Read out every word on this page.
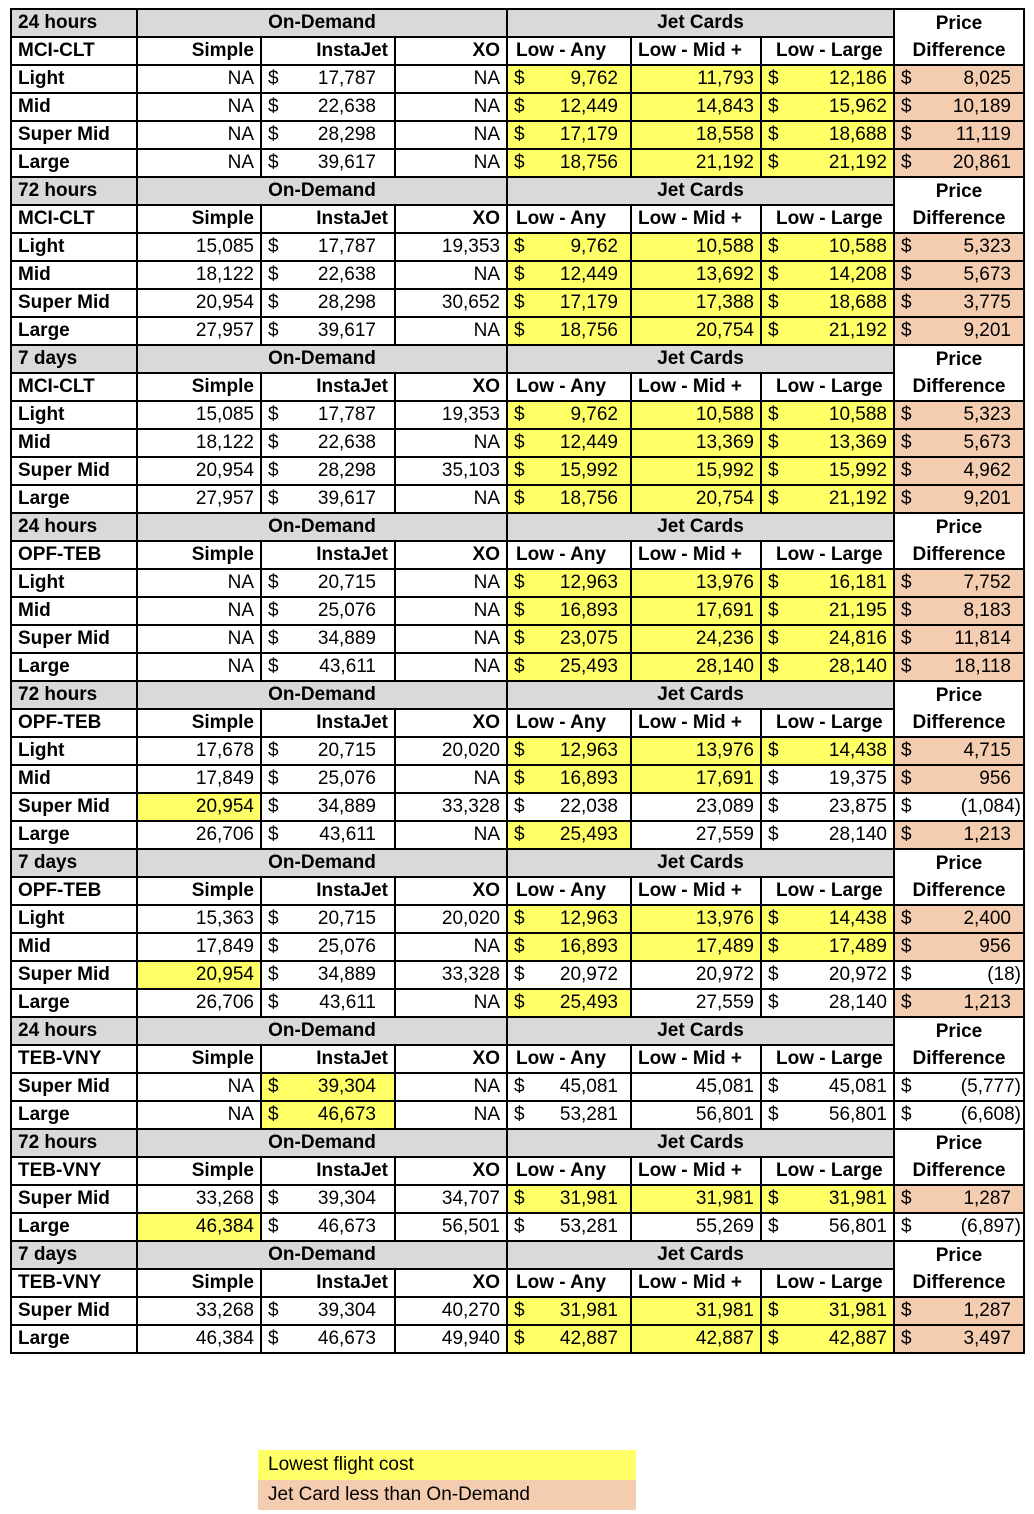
24 hours	On-Demand			Jet Cards			Price
MCI-CLT	Simple	InstaJet	XO	Low - Any	Low - Mid +	Low - Large	Difference
Light	NA	$ 17,787	NA	$ 9,762	11,793	$ 12,186	$ 8,025

Mid	NA	$ 22,638	NA	$ 12,449	14,843	$ 15,962	$ 10,189

Super Mid	NA	$ 28,298	NA	$ 17,179	18,558	$ 18,688	$ 11,119

Large	NA	$ 39,617	NA	$ 18,756	21,192	$ 21,192	$ 20,861

72 hours	On-Demand			Jet Cards			Price
MCI-CLT	Simple	InstaJet	XO	Low - Any	Low - Mid +	Low - Large	Difference
Light	15,085	$ 17,787	19,353	$ 9,762	10,588	$ 10,588	$ 5,323

Mid	18,122	$ 22,638	NA	$ 12,449	13,692	$ 14,208	$ 5,673

Super Mid	20,954	$ 28,298	30,652	$ 17,179	17,388	$ 18,688	$ 3,775

Large	27,957	$ 39,617	NA	$ 18,756	20,754	$ 21,192	$ 9,201

7 days	On-Demand			Jet Cards			Price
MCI-CLT	Simple	InstaJet	XO	Low - Any	Low - Mid +	Low - Large	Difference
Light	15,085	$ 17,787	19,353	$ 9,762	10,588	$ 10,588	$ 5,323

Mid	18,122	$ 22,638	NA	$ 12,449	13,369	$ 13,369	$ 5,673

Super Mid	20,954	$ 28,298	35,103	$ 15,992	15,992	$ 15,992	$ 4,962

Large	27,957	$ 39,617	NA	$ 18,756	20,754	$ 21,192	$ 9,201

24 hours	On-Demand			Jet Cards			Price
OPF-TEB	Simple	InstaJet	XO	Low - Any	Low - Mid +	Low - Large	Difference
Light	NA	$ 20,715	NA	$ 12,963	13,976	$ 16,181	$ 7,752

Mid	NA	$ 25,076	NA	$ 16,893	17,691	$ 21,195	$ 8,183

Super Mid	NA	$ 34,889	NA	$ 23,075	24,236	$ 24,816	$ 11,814

Large	NA	$ 43,611	NA	$ 25,493	28,140	$ 28,140	$ 18,118

72 hours	On-Demand			Jet Cards			Price
OPF-TEB	Simple	InstaJet	XO	Low - Any	Low - Mid +	Low - Large	Difference
Light	17,678	$ 20,715	20,020	$ 12,963	13,976	$ 14,438	$ 4,715

Mid	17,849	$ 25,076	NA	$ 16,893	17,691	$ 19,375	$ 956

Super Mid	20,954	$ 34,889	33,328	$ 22,038	23,089	$ 23,875	$ (1,084)

Large	26,706	$ 43,611	NA	$ 25,493	27,559	$ 28,140	$ 1,213

7 days	On-Demand			Jet Cards			Price
OPF-TEB	Simple	InstaJet	XO	Low - Any	Low - Mid +	Low - Large	Difference
Light	15,363	$ 20,715	20,020	$ 12,963	13,976	$ 14,438	$ 2,400

Mid	17,849	$ 25,076	NA	$ 16,893	17,489	$ 17,489	$ 956

Super Mid	20,954	$ 34,889	33,328	$ 20,972	20,972	$ 20,972	$ (18)

Large	26,706	$ 43,611	NA	$ 25,493	27,559	$ 28,140	$ 1,213

24 hours	On-Demand			Jet Cards			Price
TEB-VNY	Simple	InstaJet	XO	Low - Any	Low - Mid +	Low - Large	Difference
Super Mid	NA	$ 39,304	NA	$ 45,081	45,081	$ 45,081	$ (5,777)

Large	NA	$ 46,673	NA	$ 53,281	56,801	$ 56,801	$ (6,608)

72 hours	On-Demand			Jet Cards			Price
TEB-VNY	Simple	InstaJet	XO	Low - Any	Low - Mid +	Low - Large	Difference
Super Mid	33,268	$ 39,304	34,707	$ 31,981	31,981	$ 31,981	$ 1,287

Large	46,384	$ 46,673	56,501	$ 53,281	55,269	$ 56,801	$ (6,897)

7 days	On-Demand			Jet Cards			Price
TEB-VNY	Simple	InstaJet	XO	Low - Any	Low - Mid +	Low - Large	Difference
Super Mid	33,268	$ 39,304	40,270	$ 31,981	31,981	$ 31,981	$ 1,287

Large	46,384	$ 46,673	49,940	$ 42,887	42,887	$ 42,887	$ 3,497
Lowest flight cost
Jet Card less than On-Demand
